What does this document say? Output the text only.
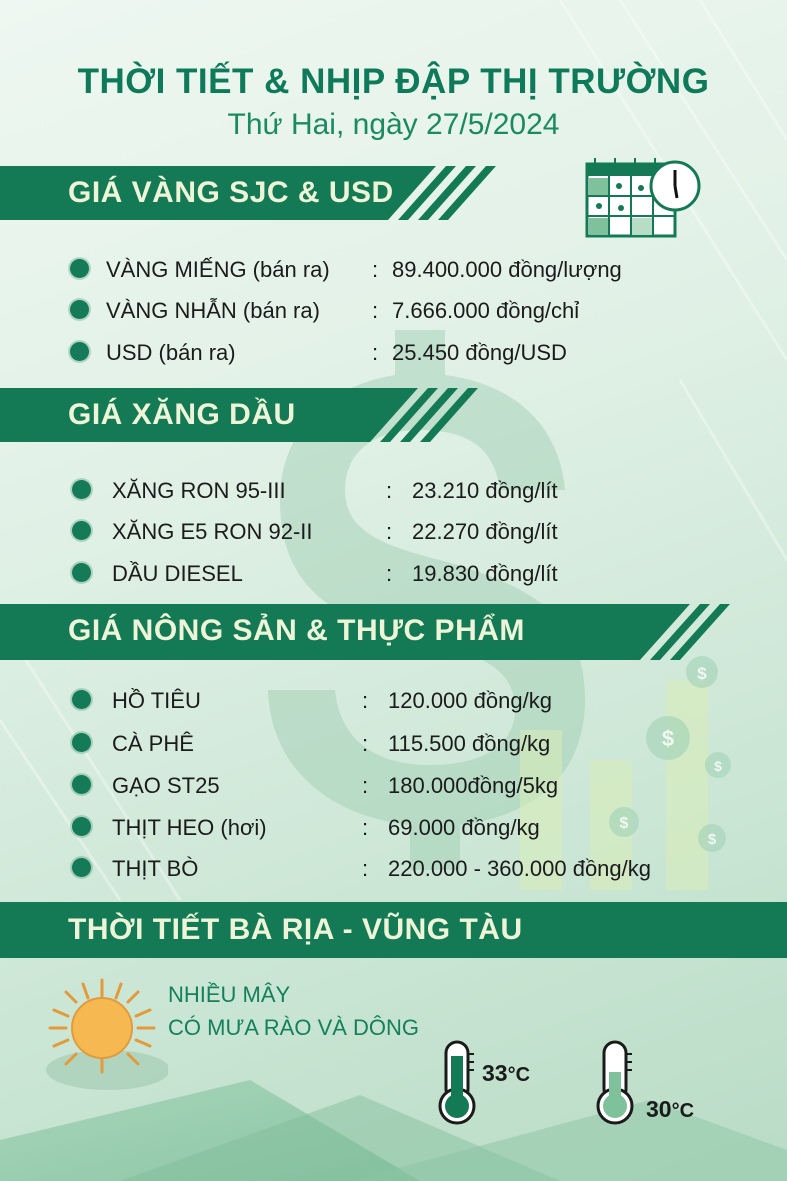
$
$
$
$
$
THỜI TIẾT & NHỊP ĐẬP THỊ TRƯỜNG
Thứ Hai, ngày 27/5/2024
GIÁ VÀNG SJC & USD
VÀNG MIẾNG (bán ra) : 89.400.000 đồng/lượng
VÀNG NHẪN (bán ra) : 7.666.000 đồng/chỉ
USD (bán ra)	: 25.450 đồng/USD
GIÁ XĂNG DẦU
XĂNG RON 95-III	: 23.210 đồng/lít
XĂNG E5 RON 92-II	: 22.270 đồng/lít
DẦU DIESEL	: 19.830 đồng/lít
GIÁ NÔNG SẢN & THỰC PHẨM
HỒ TIÊU	: 120.000 đồng/kg
CÀ PHÊ	: 115.500 đồng/kg
GẠO ST25	: 180.000đồng/5kg
THỊT HEO (hơi)	: 69.000 đồng/kg
THỊT BÒ	: 220.000 - 360.000 đồng/kg
THỜI TIẾT BÀ RỊA - VŨNG TÀU
NHIỀU MÂY
CÓ MƯA RÀO VÀ DÔNG
33°C
30°C
